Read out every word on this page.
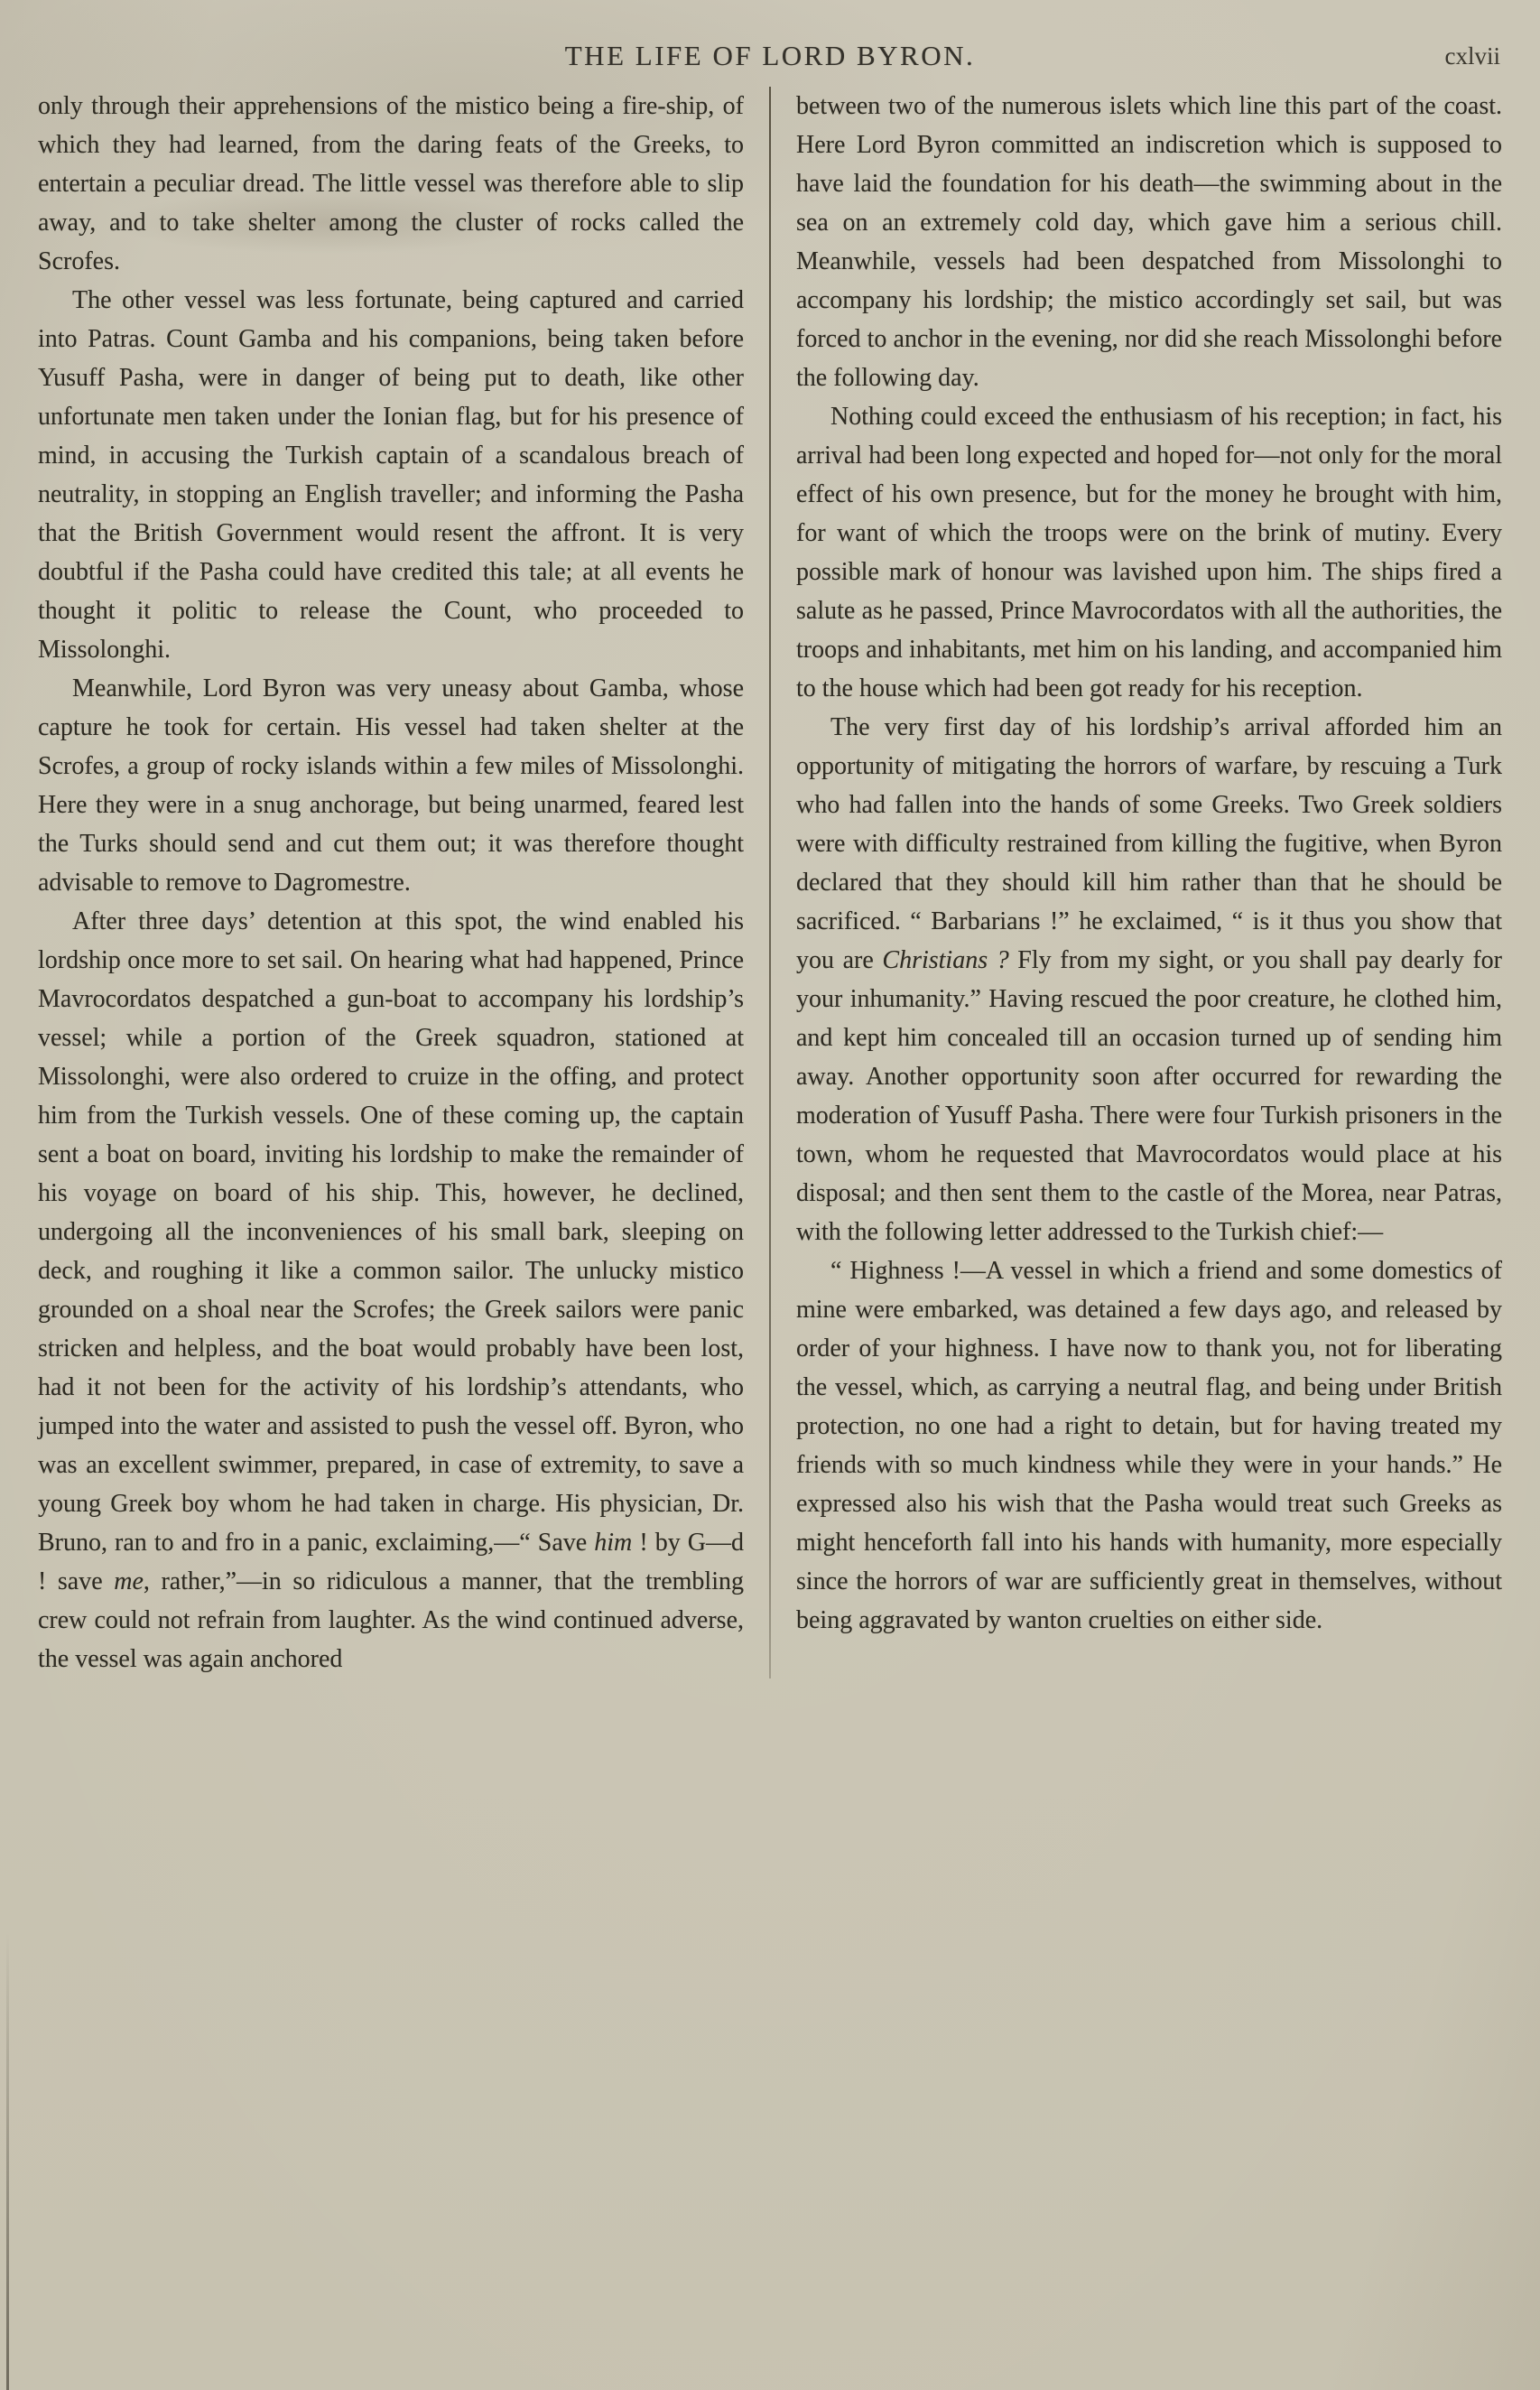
THE LIFE OF LORD BYRON.	cxlvii

only through their apprehensions of the mistico being a fire-ship, of which they had learned, from the daring feats of the Greeks, to entertain a peculiar dread. The little vessel was therefore able to slip away, and to take shelter among the cluster of rocks called the Scrofes.

The other vessel was less fortunate, being captured and carried into Patras. Count Gamba and his companions, being taken before Yusuff Pasha, were in danger of being put to death, like other unfortunate men taken under the Ionian flag, but for his presence of mind, in accusing the Turkish captain of a scandalous breach of neutrality, in stopping an English traveller; and informing the Pasha that the British Government would resent the affront. It is very doubtful if the Pasha could have credited this tale; at all events he thought it politic to release the Count, who proceeded to Missolonghi.

Meanwhile, Lord Byron was very uneasy about Gamba, whose capture he took for certain. His vessel had taken shelter at the Scrofes, a group of rocky islands within a few miles of Missolonghi. Here they were in a snug anchorage, but being unarmed, feared lest the Turks should send and cut them out; it was therefore thought advisable to remove to Dagromestre.

After three days’ detention at this spot, the wind enabled his lordship once more to set sail. On hearing what had happened, Prince Mavrocordatos despatched a gun-boat to accompany his lordship’s vessel; while a portion of the Greek squadron, stationed at Missolonghi, were also ordered to cruize in the offing, and protect him from the Turkish vessels. One of these coming up, the captain sent a boat on board, inviting his lordship to make the remainder of his voyage on board of his ship. This, however, he declined, undergoing all the inconveniences of his small bark, sleeping on deck, and roughing it like a common sailor. The unlucky mistico grounded on a shoal near the Scrofes; the Greek sailors were panic stricken and helpless, and the boat would probably have been lost, had it not been for the activity of his lordship’s attendants, who jumped into the water and assisted to push the vessel off. Byron, who was an excellent swimmer, prepared, in case of extremity, to save a young Greek boy whom he had taken in charge. His physician, Dr. Bruno, ran to and fro in a panic, exclaiming,—“ Save him ! by G—d ! save me, rather,”—in so ridiculous a manner, that the trembling crew could not refrain from laughter. As the wind continued adverse, the vessel was again anchored

between two of the numerous islets which line this part of the coast. Here Lord Byron committed an indiscretion which is supposed to have laid the foundation for his death—the swimming about in the sea on an extremely cold day, which gave him a serious chill. Meanwhile, vessels had been despatched from Missolonghi to accompany his lordship; the mistico accordingly set sail, but was forced to anchor in the evening, nor did she reach Missolonghi before the following day.

Nothing could exceed the enthusiasm of his reception; in fact, his arrival had been long expected and hoped for—not only for the moral effect of his own presence, but for the money he brought with him, for want of which the troops were on the brink of mutiny. Every possible mark of honour was lavished upon him. The ships fired a salute as he passed, Prince Mavrocordatos with all the authorities, the troops and inhabitants, met him on his landing, and accompanied him to the house which had been got ready for his reception.

The very first day of his lordship’s arrival afforded him an opportunity of mitigating the horrors of warfare, by rescuing a Turk who had fallen into the hands of some Greeks. Two Greek soldiers were with difficulty restrained from killing the fugitive, when Byron declared that they should kill him rather than that he should be sacrificed. “ Barbarians !” he exclaimed, “ is it thus you show that you are Christians ? Fly from my sight, or you shall pay dearly for your inhumanity.” Having rescued the poor creature, he clothed him, and kept him concealed till an occasion turned up of sending him away. Another opportunity soon after occurred for rewarding the moderation of Yusuff Pasha. There were four Turkish prisoners in the town, whom he requested that Mavrocordatos would place at his disposal; and then sent them to the castle of the Morea, near Patras, with the following letter addressed to the Turkish chief:—

“ Highness !—A vessel in which a friend and some domestics of mine were embarked, was detained a few days ago, and released by order of your highness. I have now to thank you, not for liberating the vessel, which, as carrying a neutral flag, and being under British protection, no one had a right to detain, but for having treated my friends with so much kindness while they were in your hands.” He expressed also his wish that the Pasha would treat such Greeks as might henceforth fall into his hands with humanity, more especially since the horrors of war are sufficiently great in themselves, without being aggravated by wanton cruelties on either side.
